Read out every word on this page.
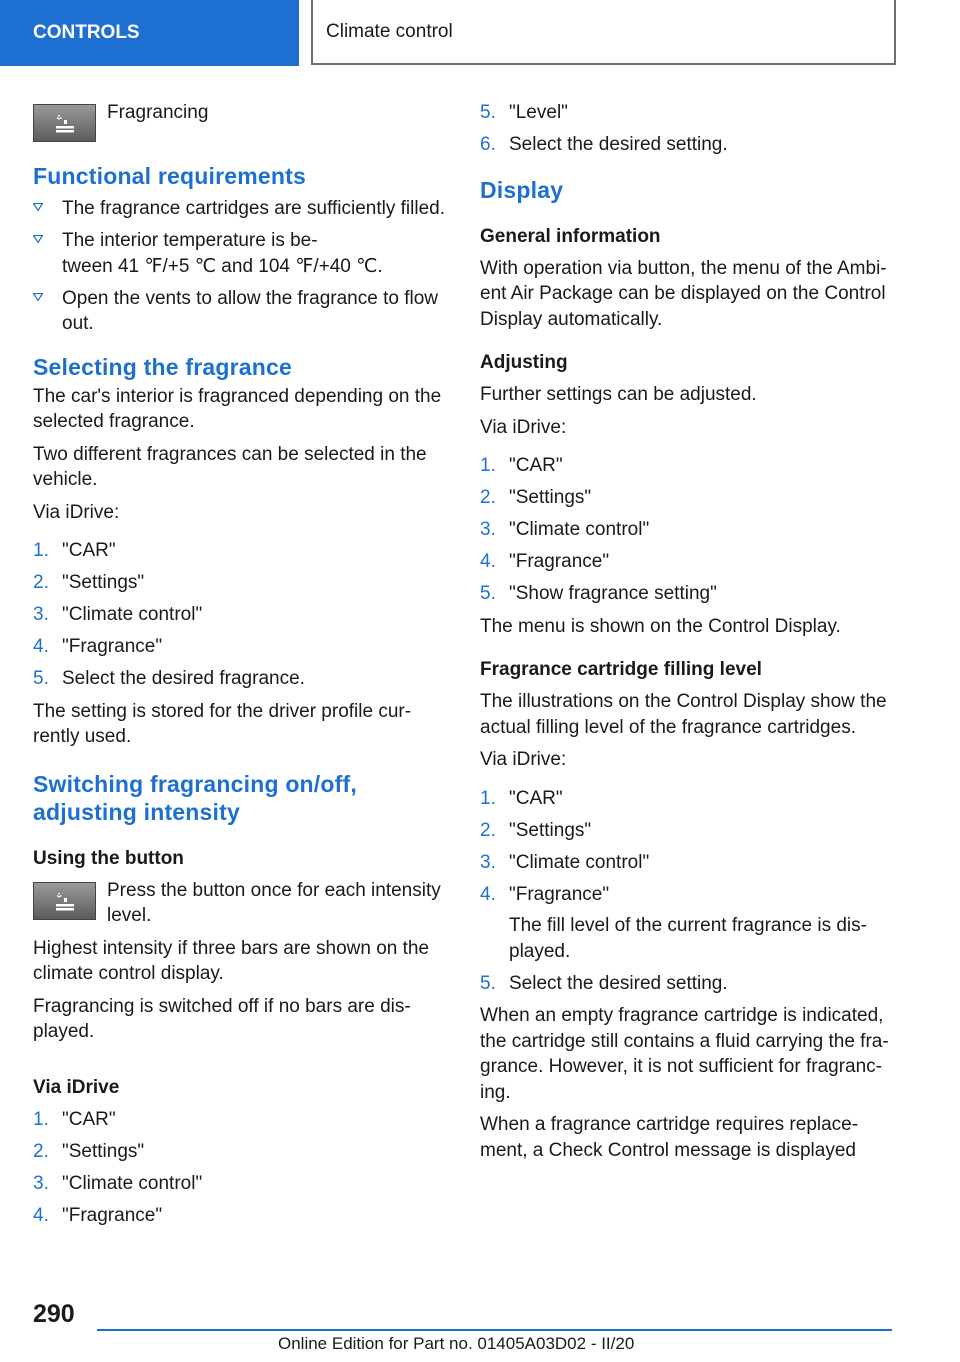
CONTROLS	Climate control
Fragrancing
Functional requirements
The fragrance cartridges are sufficiently filled.
The interior temperature is be‐
tween 41 ℉/+5 ℃ and 104 ℉/+40 ℃.
Open the vents to allow the fragrance to flow
out.
Selecting the fragrance

The car's interior is fragranced depending on the selected fragrance.

Two different fragrances can be selected in the vehicle.

Via iDrive:

1. "CAR"
2. "Settings"
3. "Climate control"
4. "Fragrance"
5. Select the desired fragrance.

The setting is stored for the driver profile cur‐ rently used.

Switching fragrancing on/off,
adjusting intensity
Using the button
Press the button once for each intensity level.

Highest intensity if three bars are shown on the climate control display.

Fragrancing is switched off if no bars are dis‐ played.

Via iDrive
1. "CAR"
2. "Settings"
3. "Climate control"
4. "Fragrance"
5. "Level"
6. Select the desired setting.
Display
General information

With operation via button, the menu of the Ambi‐ ent Air Package can be displayed on the Control Display automatically.

Adjusting

Further settings can be adjusted.

Via iDrive:

1. "CAR"
2. "Settings"
3. "Climate control"
4. "Fragrance"
5. "Show fragrance setting"

The menu is shown on the Control Display.

Fragrance cartridge filling level

The illustrations on the Control Display show the actual filling level of the fragrance cartridges.

Via iDrive:

1. "CAR"
2. "Settings"
3. "Climate control"
4. "Fragrance"
The fill level of the current fragrance is dis‐ played.
5. Select the desired setting.

When an empty fragrance cartridge is indicated, the cartridge still contains a fluid carrying the fra‐ grance. However, it is not sufficient for fragranc‐ ing.

When a fragrance cartridge requires replace‐ ment, a Check Control message is displayed

290
Online Edition for Part no. 01405A03D02 - II/20
